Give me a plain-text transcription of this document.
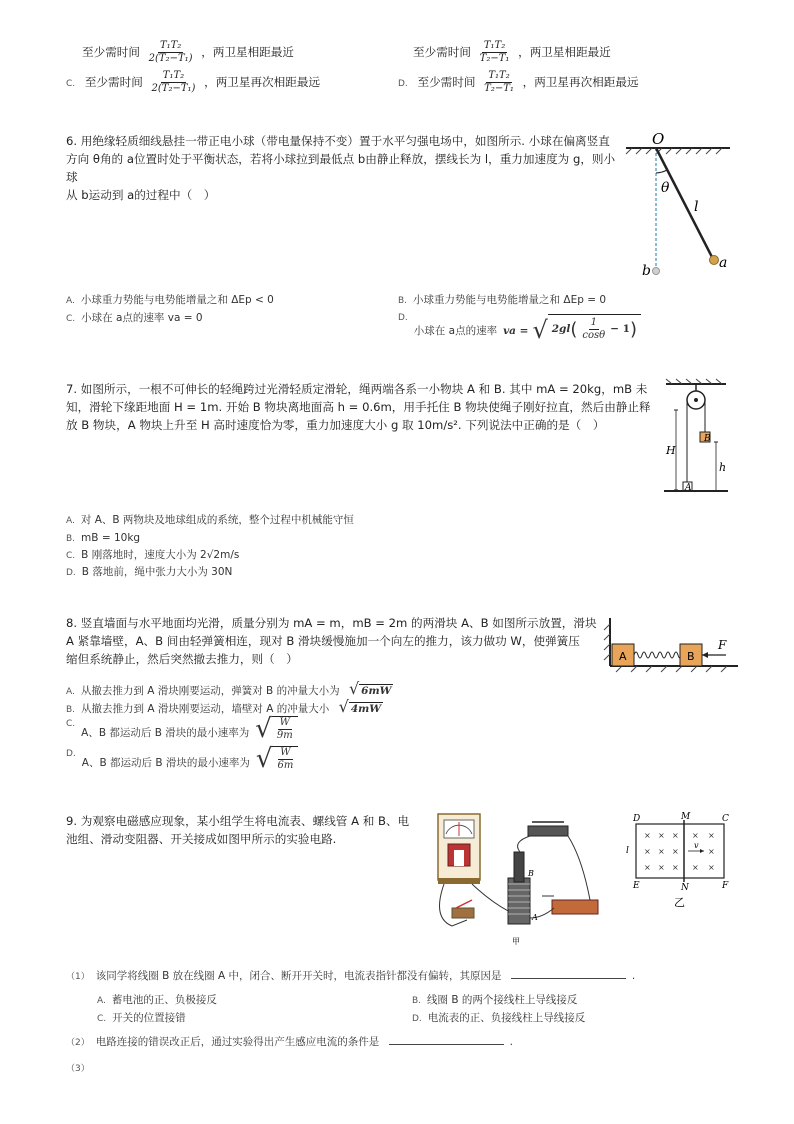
至少需时间 $\frac{\text{T₁T₂}}{\text{2(T₂−T₁)}}$ ，两卫星相距最近	至少需时间 $\frac{\text{T₁T₂}}{\text{T₂−T₁}}$ ，两卫星相距最近
C. 至少需时间 $\frac{\text{T₁T₂}}{\text{2(T₂−T₁)}}$ ，两卫星再次相距最远	D. 至少需时间 $\frac{\text{T₁T₂}}{\text{T₂−T₁}}$ ，两卫星再次相距最远
6. 用绝缘轻质细线悬挂一带正电小球（带电量保持不变）置于水平匀强电场中，如图所示. 小球在偏离竖直
方向 θ角的 a位置时处于平衡状态，若将小球拉到最低点 b由静止释放，摆线长为 l，重力加速度为 g，则小球
从 b运动到 a的过程中（　）
O
θ
l
a
b
A. 小球重力势能与电势能增量之和 ΔEp < 0	B. 小球重力势能与电势能增量之和 ΔEp = 0
C. 小球在 a点的速率 va = 0	D.
小球在 a点的速率 va = √ 2gl ( $\frac{1}{\cos\theta} - 1$ )
7. 如图所示，一根不可伸长的轻绳跨过光滑轻质定滑轮，绳两端各系一小物块 A 和 B. 其中 mA = 20kg，mB 未
知，滑轮下缘距地面 H = 1m. 开始 B 物块离地面高 h = 0.6m，用手托住 B 物块使绳子刚好拉直，然后由静止释
放 B 物块，A 物块上升至 H 高时速度恰为零，重力加速度大小 g 取 10m/s². 下列说法中正确的是（　）
B
A
H
h
A. 对 A、B 两物块及地球组成的系统，整个过程中机械能守恒
B. mB = 10kg
C. B 刚落地时，速度大小为 2√2m/s
D. B 落地前，绳中张力大小为 30N
8. 竖直墙面与水平地面均光滑，质量分别为 mA = m，mB = 2m 的两滑块 A、B 如图所示放置，滑块
A 紧靠墙壁，A、B 间由轻弹簧相连，现对 B 滑块缓慢施加一个向左的推力，该力做功 W，使弹簧压
缩但系统静止，然后突然撤去推力，则（　）	A	B
F
A. 从撤去推力到 A 滑块刚要运动，弹簧对 B 的冲量大小为 √ 6mW
B. 从撤去推力到 A 滑块刚要运动，墙壁对 A 的冲量大小 √ 4mW
C.
A、B 都运动后 B 滑块的最小速率为 √ $\frac{W}{9m}$
D.
A、B 都运动后 B 滑块的最小速率为 √ $\frac{W}{6m}$
9. 为观察电磁感应现象，某小组学生将电流表、螺线管 A 和 B、电
池组、滑动变阻器、开关接成如图甲所示的实验电路.
B
A
甲
× × × × ×
× × ×	×
× × × × ×
v
l
D	M	C
E	N	F
乙
（1） 该同学将线圈 B 放在线圈 A 中，闭合、断开开关时，电流表指针都没有偏转，其原因是	.
A. 蓄电池的正、负极接反	B. 线圈 B 的两个接线柱上导线接反
C. 开关的位置接错	D. 电流表的正、负接线柱上导线接反
（2） 电路连接的错误改正后，通过实验得出产生感应电流的条件是	.
（3）
